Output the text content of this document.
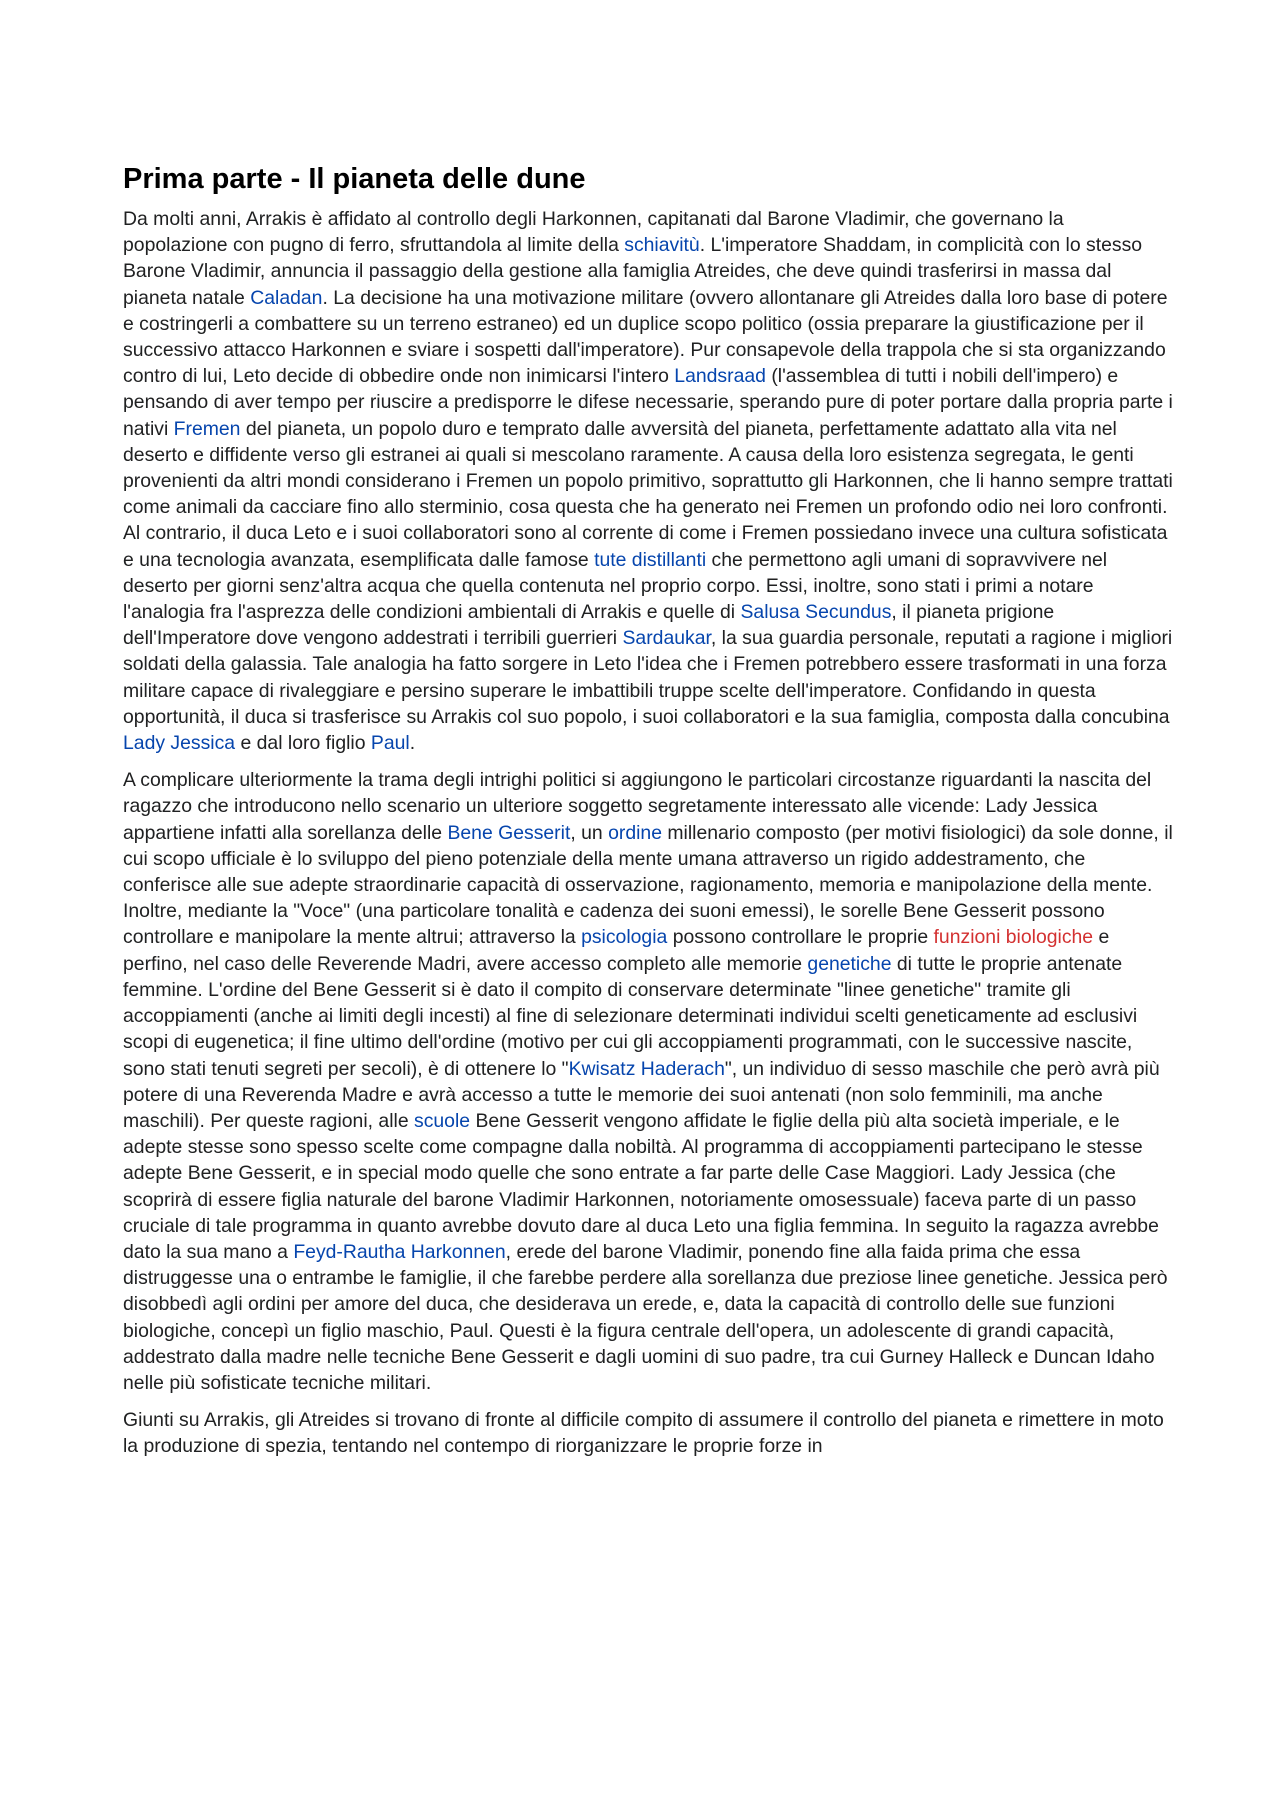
Prima parte - Il pianeta delle dune

Da molti anni, Arrakis è affidato al controllo degli Harkonnen, capitanati dal Barone Vladimir, che governano la popolazione con pugno di ferro, sfruttandola al limite della schiavitù. L'imperatore Shaddam, in complicità con lo stesso Barone Vladimir, annuncia il passaggio della gestione alla famiglia Atreides, che deve quindi trasferirsi in massa dal pianeta natale Caladan. La decisione ha una motivazione militare (ovvero allontanare gli Atreides dalla loro base di potere e costringerli a combattere su un terreno estraneo) ed un duplice scopo politico (ossia preparare la giustificazione per il successivo attacco Harkonnen e sviare i sospetti dall'imperatore). Pur consapevole della trappola che si sta organizzando contro di lui, Leto decide di obbedire onde non inimicarsi l'intero Landsraad (l'assemblea di tutti i nobili dell'impero) e pensando di aver tempo per riuscire a predisporre le difese necessarie, sperando pure di poter portare dalla propria parte i nativi Fremen del pianeta, un popolo duro e temprato dalle avversità del pianeta, perfettamente adattato alla vita nel deserto e diffidente verso gli estranei ai quali si mescolano raramente. A causa della loro esistenza segregata, le genti provenienti da altri mondi considerano i Fremen un popolo primitivo, soprattutto gli Harkonnen, che li hanno sempre trattati come animali da cacciare fino allo sterminio, cosa questa che ha generato nei Fremen un profondo odio nei loro confronti. Al contrario, il duca Leto e i suoi collaboratori sono al corrente di come i Fremen possiedano invece una cultura sofisticata e una tecnologia avanzata, esemplificata dalle famose tute distillanti che permettono agli umani di sopravvivere nel deserto per giorni senz'altra acqua che quella contenuta nel proprio corpo. Essi, inoltre, sono stati i primi a notare l'analogia fra l'asprezza delle condizioni ambientali di Arrakis e quelle di Salusa Secundus, il pianeta prigione dell'Imperatore dove vengono addestrati i terribili guerrieri Sardaukar, la sua guardia personale, reputati a ragione i migliori soldati della galassia. Tale analogia ha fatto sorgere in Leto l'idea che i Fremen potrebbero essere trasformati in una forza militare capace di rivaleggiare e persino superare le imbattibili truppe scelte dell'imperatore. Confidando in questa opportunità, il duca si trasferisce su Arrakis col suo popolo, i suoi collaboratori e la sua famiglia, composta dalla concubina Lady Jessica e dal loro figlio Paul.

A complicare ulteriormente la trama degli intrighi politici si aggiungono le particolari circostanze riguardanti la nascita del ragazzo che introducono nello scenario un ulteriore soggetto segretamente interessato alle vicende: Lady Jessica appartiene infatti alla sorellanza delle Bene Gesserit, un ordine millenario composto (per motivi fisiologici) da sole donne, il cui scopo ufficiale è lo sviluppo del pieno potenziale della mente umana attraverso un rigido addestramento, che conferisce alle sue adepte straordinarie capacità di osservazione, ragionamento, memoria e manipolazione della mente. Inoltre, mediante la "Voce" (una particolare tonalità e cadenza dei suoni emessi), le sorelle Bene Gesserit possono controllare e manipolare la mente altrui; attraverso la psicologia possono controllare le proprie funzioni biologiche e perfino, nel caso delle Reverende Madri, avere accesso completo alle memorie genetiche di tutte le proprie antenate femmine. L'ordine del Bene Gesserit si è dato il compito di conservare determinate "linee genetiche" tramite gli accoppiamenti (anche ai limiti degli incesti) al fine di selezionare determinati individui scelti geneticamente ad esclusivi scopi di eugenetica; il fine ultimo dell'ordine (motivo per cui gli accoppiamenti programmati, con le successive nascite, sono stati tenuti segreti per secoli), è di ottenere lo "Kwisatz Haderach", un individuo di sesso maschile che però avrà più potere di una Reverenda Madre e avrà accesso a tutte le memorie dei suoi antenati (non solo femminili, ma anche maschili). Per queste ragioni, alle scuole Bene Gesserit vengono affidate le figlie della più alta società imperiale, e le adepte stesse sono spesso scelte come compagne dalla nobiltà. Al programma di accoppiamenti partecipano le stesse adepte Bene Gesserit, e in special modo quelle che sono entrate a far parte delle Case Maggiori. Lady Jessica (che scoprirà di essere figlia naturale del barone Vladimir Harkonnen, notoriamente omosessuale) faceva parte di un passo cruciale di tale programma in quanto avrebbe dovuto dare al duca Leto una figlia femmina. In seguito la ragazza avrebbe dato la sua mano a Feyd-Rautha Harkonnen, erede del barone Vladimir, ponendo fine alla faida prima che essa distruggesse una o entrambe le famiglie, il che farebbe perdere alla sorellanza due preziose linee genetiche. Jessica però disobbedì agli ordini per amore del duca, che desiderava un erede, e, data la capacità di controllo delle sue funzioni biologiche, concepì un figlio maschio, Paul. Questi è la figura centrale dell'opera, un adolescente di grandi capacità, addestrato dalla madre nelle tecniche Bene Gesserit e dagli uomini di suo padre, tra cui Gurney Halleck e Duncan Idaho nelle più sofisticate tecniche militari.

Giunti su Arrakis, gli Atreides si trovano di fronte al difficile compito di assumere il controllo del pianeta e rimettere in moto la produzione di spezia, tentando nel contempo di riorganizzare le proprie forze in
